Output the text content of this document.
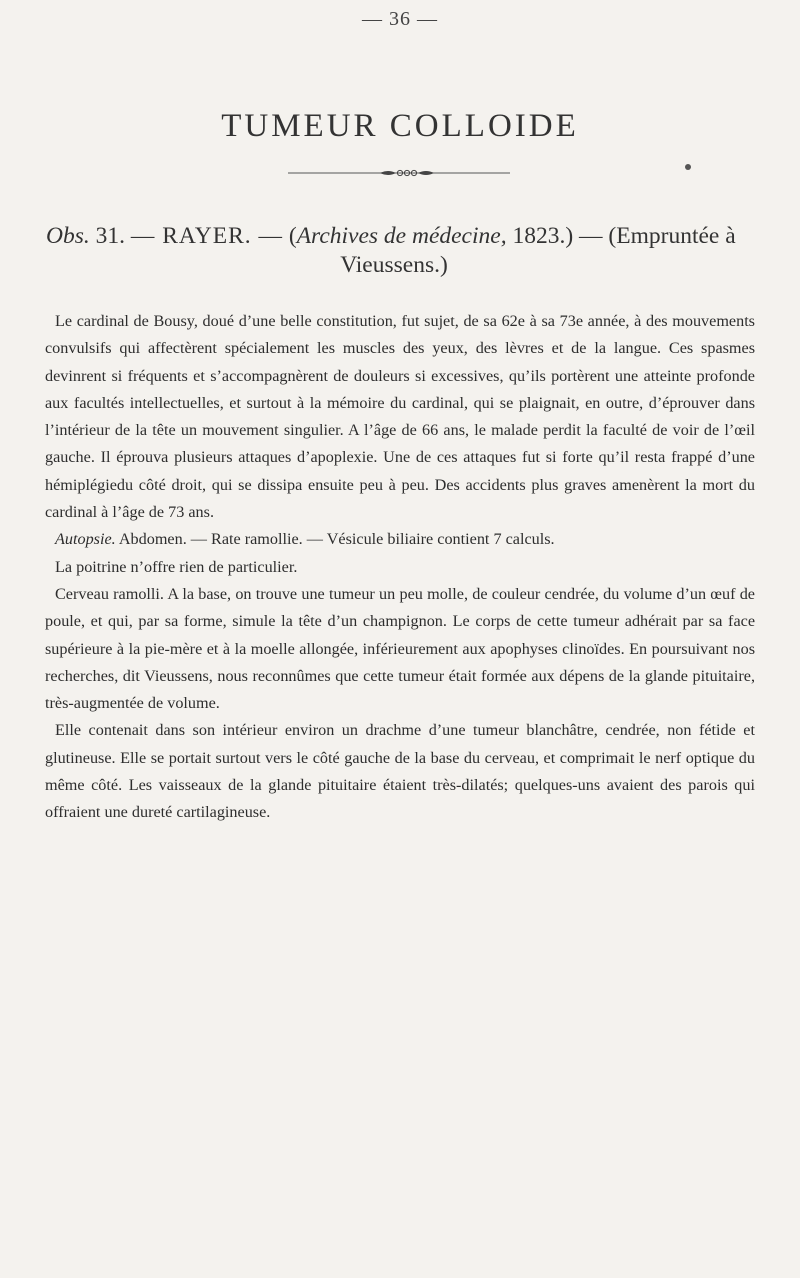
— 36 —
TUMEUR COLLOIDE
Obs. 31. — RAYER. — (Archives de médecine, 1823.) — (Empruntée à
Vieussens.)

Le cardinal de Bousy, doué d’une belle constitution, fut sujet, de sa 62e à sa 73e année, à des mouvements convulsifs qui affectèrent spécialement les muscles des yeux, des lèvres et de la langue. Ces spasmes devinrent si fréquents et s’accompagnèrent de douleurs si excessives, qu’ils portèrent une atteinte profonde aux facultés intellectuelles, et surtout à la mémoire du cardinal, qui se plaignait, en outre, d’éprouver dans l’intérieur de la tête un mouvement singulier. A l’âge de 66 ans, le malade perdit la faculté de voir de l’œil gauche. Il éprouva plusieurs attaques d’apoplexie. Une de ces attaques fut si forte qu’il resta frappé d’une hémiplégiedu côté droit, qui se dissipa ensuite peu à peu. Des accidents plus graves amenèrent la mort du cardinal à l’âge de 73 ans.

Autopsie. Abdomen. — Rate ramollie. — Vésicule biliaire contient 7 calculs.

La poitrine n’offre rien de particulier.

Cerveau ramolli. A la base, on trouve une tumeur un peu molle, de couleur cendrée, du volume d’un œuf de poule, et qui, par sa forme, simule la tête d’un champignon. Le corps de cette tumeur adhérait par sa face supérieure à la pie-mère et à la moelle allongée, inférieurement aux apophyses clinoïdes. En poursuivant nos recherches, dit Vieussens, nous reconnûmes que cette tumeur était formée aux dépens de la glande pituitaire, très-augmentée de volume.

Elle contenait dans son intérieur environ un drachme d’une tumeur blanchâtre, cendrée, non fétide et glutineuse. Elle se portait surtout vers le côté gauche de la base du cerveau, et comprimait le nerf optique du même côté. Les vaisseaux de la glande pituitaire étaient très-dilatés; quelques-uns avaient des parois qui offraient une dureté cartilagineuse.
